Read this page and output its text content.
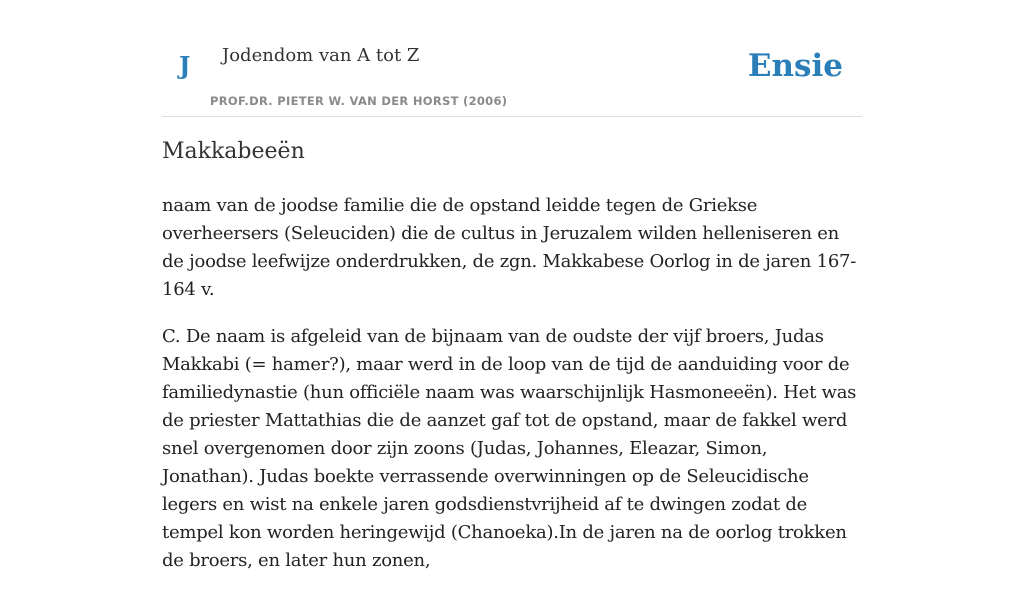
J Jodendom van A tot Z
PROF.DR. PIETER W. VAN DER HORST (2006)
Ensie
Makkabeeën

naam van de joodse familie die de opstand leidde tegen de Griekse overheersers (Seleuciden) die de cultus in Jeruzalem wilden helleniseren en de joodse leefwijze onderdrukken, de zgn. Makkabese Oorlog in de jaren 167-164 v.

C. De naam is afgeleid van de bijnaam van de oudste der vijf broers, Judas Makkabi (= hamer?), maar werd in de loop van de tijd de aanduiding voor de familiedynastie (hun officiële naam was waarschijnlijk Hasmoneeën). Het was de priester Mattathias die de aanzet gaf tot de opstand, maar de fakkel werd snel overgenomen door zijn zoons (Judas, Johannes, Eleazar, Simon, Jonathan). Judas boekte verrassende overwinningen op de Seleucidische legers en wist na enkele jaren godsdienstvrijheid af te dwingen zodat de tempel kon worden heringewijd (Chanoeka).In de jaren na de oorlog trokken de broers, en later hun zonen,
